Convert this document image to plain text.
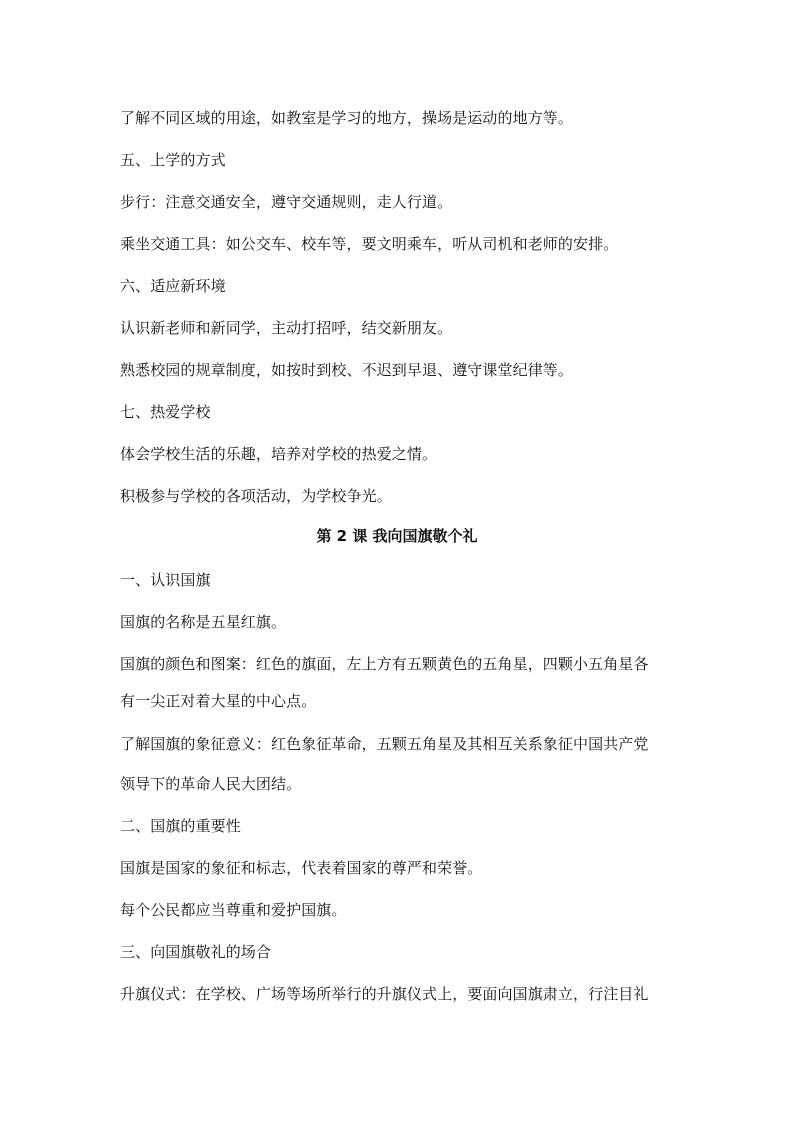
了解不同区域的用途，如教室是学习的地方，操场是运动的地方等。
五、上学的方式
步行：注意交通安全，遵守交通规则，走人行道。
乘坐交通工具：如公交车、校车等，要文明乘车，听从司机和老师的安排。
六、适应新环境
认识新老师和新同学，主动打招呼，结交新朋友。
熟悉校园的规章制度，如按时到校、不迟到早退、遵守课堂纪律等。
七、热爱学校
体会学校生活的乐趣，培养对学校的热爱之情。
积极参与学校的各项活动，为学校争光。
第 2 课 我向国旗敬个礼
一、认识国旗
国旗的名称是五星红旗。
国旗的颜色和图案：红色的旗面，左上方有五颗黄色的五角星，四颗小五角星各
有一尖正对着大星的中心点。
了解国旗的象征意义：红色象征革命，五颗五角星及其相互关系象征中国共产党
领导下的革命人民大团结。
二、国旗的重要性
国旗是国家的象征和标志，代表着国家的尊严和荣誉。
每个公民都应当尊重和爱护国旗。
三、向国旗敬礼的场合
升旗仪式：在学校、广场等场所举行的升旗仪式上，要面向国旗肃立，行注目礼
